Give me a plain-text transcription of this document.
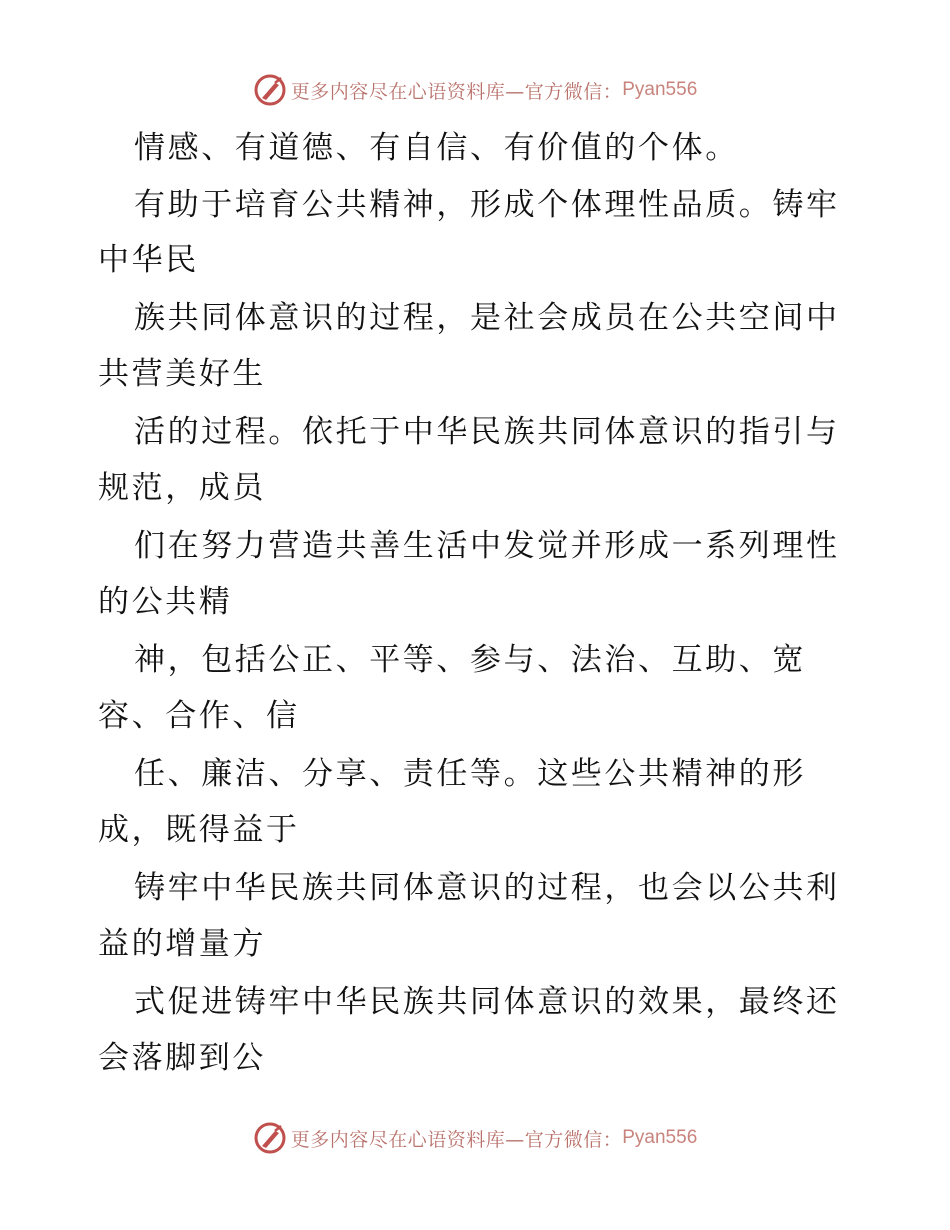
更多内容尽在心语资料库—官方微信： Pyan556
情感、有道德、有自信、有价值的个体。
有助于培育公共精神，形成个体理性品质。铸牢
中华民
族共同体意识的过程，是社会成员在公共空间中
共营美好生
活的过程。依托于中华民族共同体意识的指引与
规范，成员
们在努力营造共善生活中发觉并形成一系列理性
的公共精
神，包括公正、平等、参与、法治、互助、宽
容、合作、信
任、廉洁、分享、责任等。这些公共精神的形
成，既得益于
铸牢中华民族共同体意识的过程，也会以公共利
益的增量方
式促进铸牢中华民族共同体意识的效果，最终还
会落脚到公
更多内容尽在心语资料库—官方微信： Pyan556
